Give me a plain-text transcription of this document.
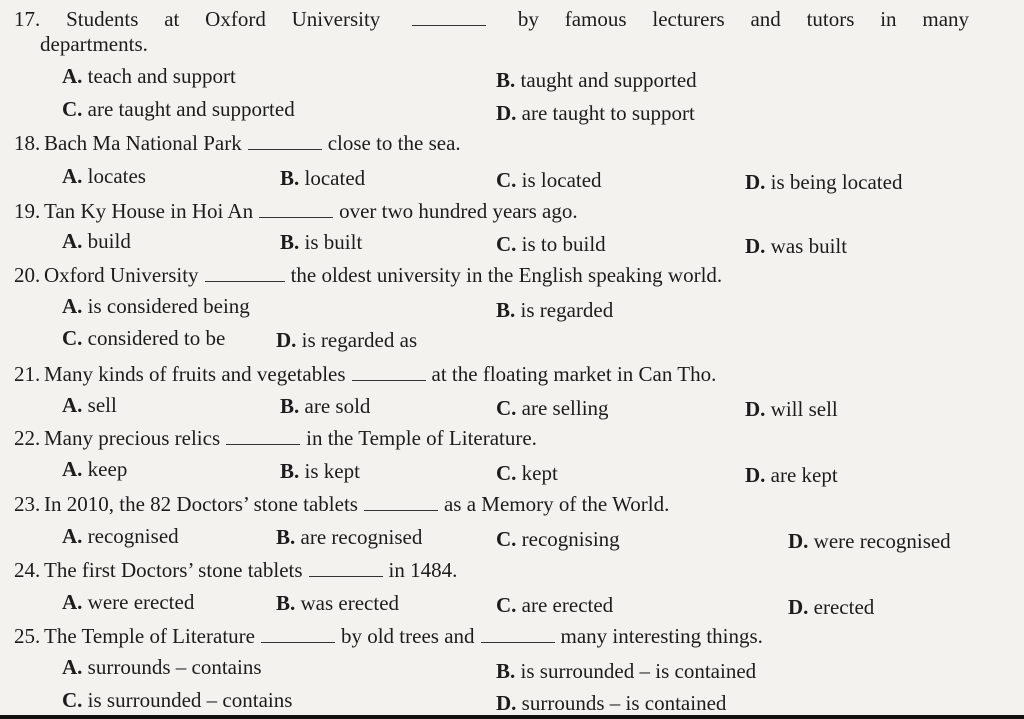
17. Students at Oxford University	by famous lecturers and tutors in many
departments.
A. teach and support	B. taught and supported
C. are taught and supported	D. are taught to support
18. Bach Ma National Park	close to the sea.
A. locates	B. located	C. is located	D. is being located
19. Tan Ky House in Hoi An	over two hundred years ago.
A. build	B. is built	C. is to build	D. was built
20. Oxford University	the oldest university in the English speaking world.
A. is considered being	B. is regarded
C. considered to be D. is regarded as
21. Many kinds of fruits and vegetables	at the floating market in Can Tho.
A. sell	B. are sold	C. are selling	D. will sell
22. Many precious relics	in the Temple of Literature.
A. keep	B. is kept	C. kept	D. are kept
23. In 2010, the 82 Doctors’ stone tablets	as a Memory of the World.
A. recognised	B. are recognised	C. recognising	D. were recognised
24. The first Doctors’ stone tablets	in 1484.
A. were erected	B. was erected	C. are erected	D. erected
25. The Temple of Literature	by old trees and	many interesting things.
A. surrounds – contains	B. is surrounded – is contained
C. is surrounded – contains	D. surrounds – is contained
